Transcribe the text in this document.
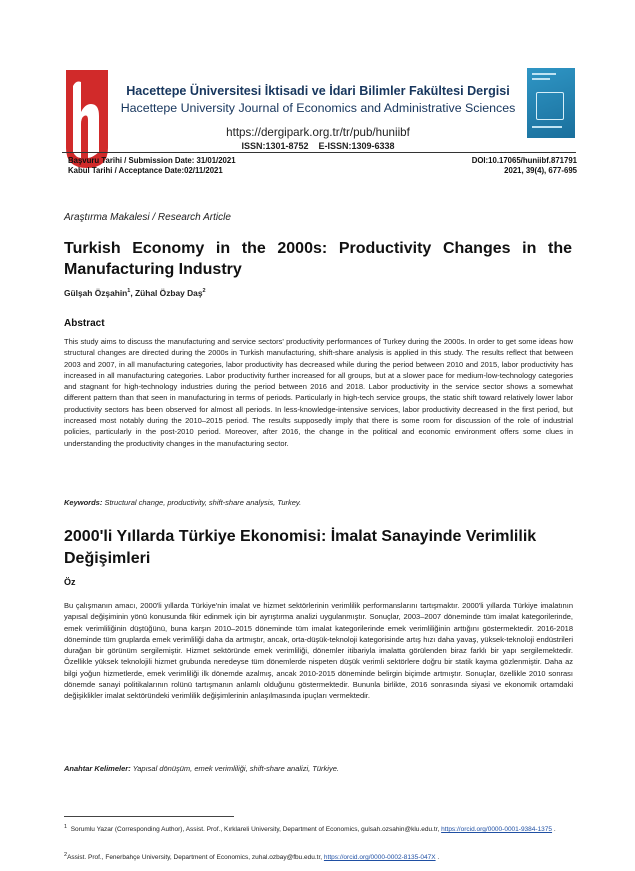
Hacettepe Üniversitesi İktisadi ve İdari Bilimler Fakültesi Dergisi
Hacettepe University Journal of Economics and Administrative Sciences
https://dergipark.org.tr/tr/pub/huniibf
ISSN:1301-8752 E-ISSN:1309-6338
Başvuru Tarihi / Submission Date: 31/01/2021
Kabul Tarihi / Acceptance Date:02/11/2021
DOI:10.17065/huniibf.871791
2021, 39(4), 677-695
Araştırma Makalesi / Research Article
Turkish Economy in the 2000s: Productivity Changes in the Manufacturing Industry
Gülşah Özşahin$^1$, Zühal Özbay Daş$^2$
Abstract
This study aims to discuss the manufacturing and service sectors' productivity performances of Turkey during the 2000s. In order to get some ideas how structural changes are directed during the 2000s in Turkish manufacturing, shift-share analysis is applied in this study. The results reflect that between 2003 and 2007, in all manufacturing categories, labor productivity has decreased while during the period between 2010 and 2015, labor productivity has increased in all manufacturing categories. Labor productivity further increased for all groups, but at a slower pace for medium-low-technology categories and stagnant for high-technology industries during the period between 2016 and 2018. Labor productivity in the service sector shows a somewhat different pattern than that seen in manufacturing in terms of periods. Particularly in high-tech service groups, the static shift toward relatively lower labor productivity sectors has been observed for almost all periods. In less-knowledge-intensive services, labor productivity decreased in the first period, but increased most notably during the 2010–2015 period. The results supposedly imply that there is some room for discussion of the role of industrial policies, particularly in the post-2010 period. Moreover, after 2016, the change in the political and economic environment offers some clues in understanding the productivity changes in the manufacturing sector.
Keywords: Structural change, productivity, shift-share analysis, Turkey.
2000'li Yıllarda Türkiye Ekonomisi: İmalat Sanayinde Verimlilik Değişimleri
Öz
Bu çalışmanın amacı, 2000'li yıllarda Türkiye'nin imalat ve hizmet sektörlerinin verimlilik performanslarını tartışmaktır. 2000'li yıllarda Türkiye imalatının yapısal değişiminin yönü konusunda fikir edinmek için bir ayrıştırma analizi uygulanmıştır. Sonuçlar, 2003–2007 döneminde tüm imalat kategorilerinde, emek verimliliğinin düştüğünü, buna karşın 2010–2015 döneminde tüm imalat kategorilerinde emek verimliliğinin arttığını göstermektedir. 2016-2018 döneminde tüm gruplarda emek verimliliği daha da artmıştır, ancak, orta-düşük-teknoloji kategorisinde artış hızı daha yavaş, yüksek-teknoloji endüstrileri durağan bir görünüm sergilemiştir. Hizmet sektöründe emek verimliliği, dönemler itibariyla imalatta görülenden biraz farklı bir yapı sergilemektedir. Özellikle yüksek teknolojili hizmet grubunda neredeyse tüm dönemlerde nispeten düşük verimli sektörlere doğru bir statik kayma gözlenmiştir. Daha az bilgi yoğun hizmetlerde, emek verimliliği ilk dönemde azalmış, ancak 2010-2015 döneminde belirgin biçimde artmıştır. Sonuçlar, özellikle 2010 sonrası dönemde sanayi politikalarının rolünü tartışmanın anlamlı olduğunu göstermektedir. Bununla birlikte, 2016 sonrasında siyasi ve ekonomik ortamdaki değişiklikler imalat sektöründeki verimlilik değişimlerinin anlaşılmasında ipuçları vermektedir.
Anahtar Kelimeler: Yapısal dönüşüm, emek verimliliği, shift-share analizi, Türkiye.
$^1$ Sorumlu Yazar (Corresponding Author), Assist. Prof., Kırklareli University, Department of Economics, gulsah.ozsahin@klu.edu.tr, https://orcid.org/0000-0001-9384-1375 .
$^2$Assist. Prof., Fenerbahçe University, Department of Economics, zuhal.ozbay@fbu.edu.tr, https://orcid.org/0000-0002-8135-047X .
